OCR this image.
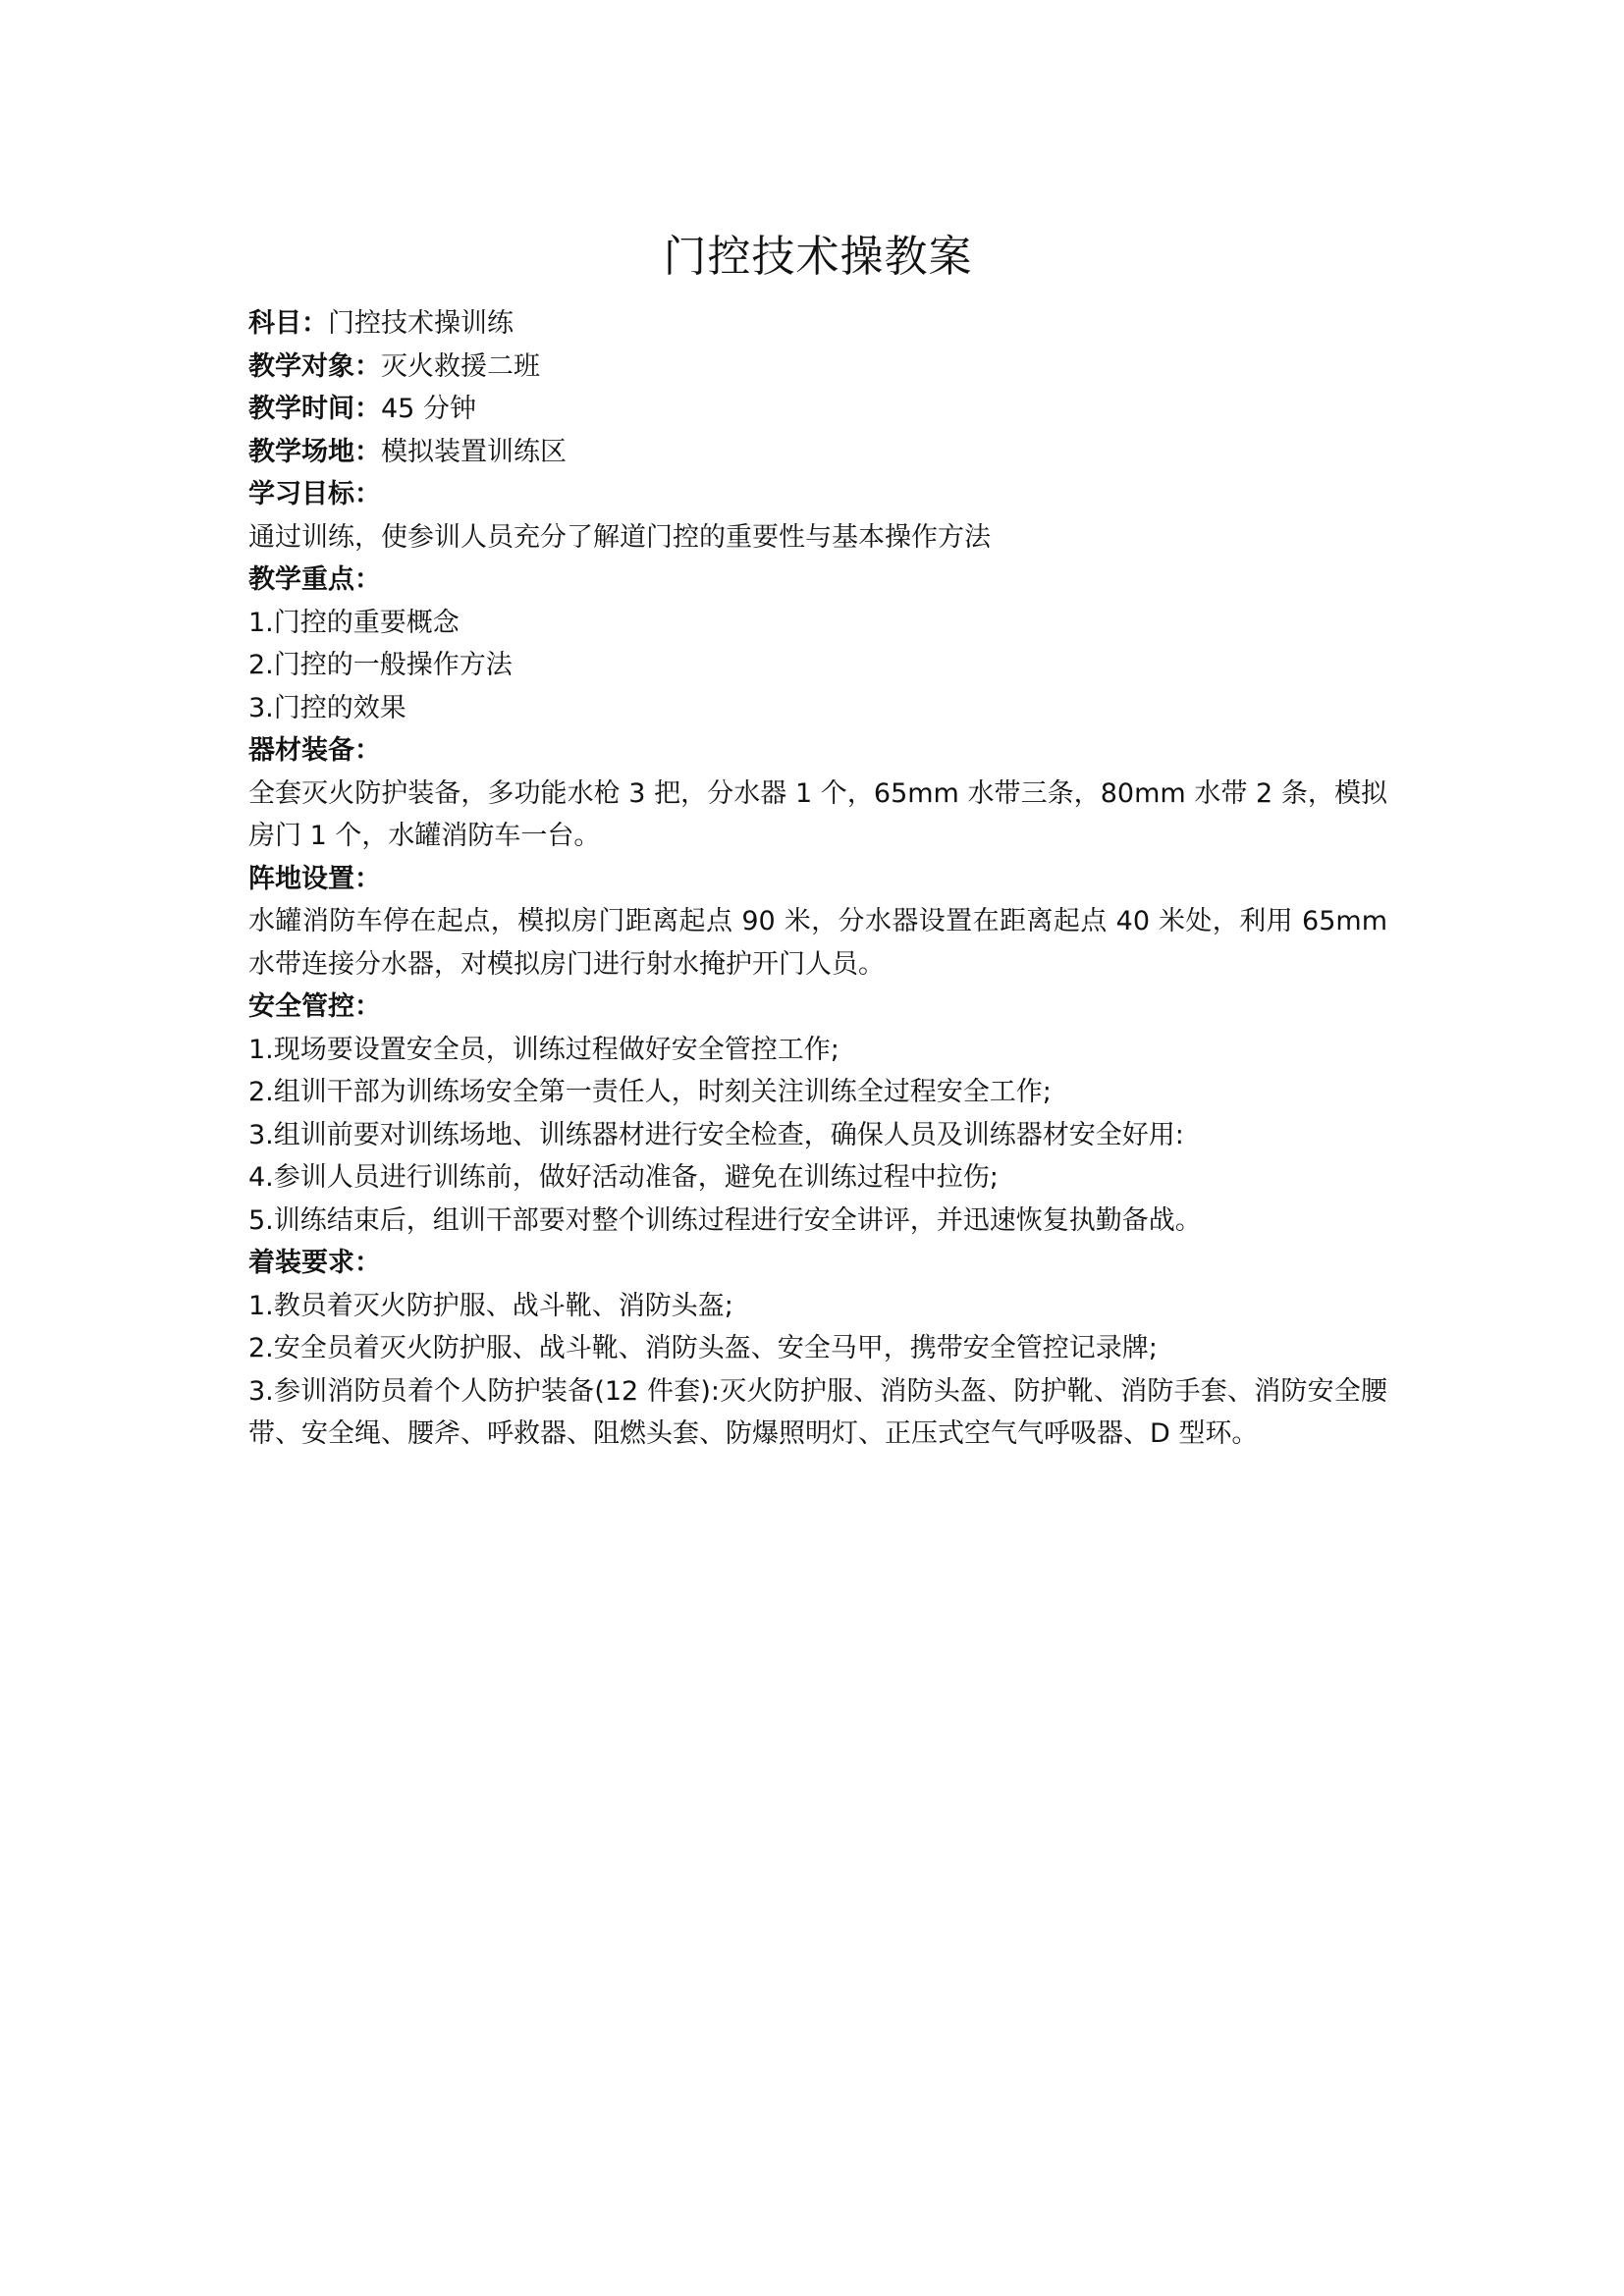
门控技术操教案

科目：门控技术操训练

教学对象：灭火救援二班

教学时间：45 分钟

教学场地：模拟装置训练区

学习目标：

通过训练，使参训人员充分了解道门控的重要性与基本操作方法

教学重点：

1.门控的重要概念

2.门控的一般操作方法

3.门控的效果

器材装备：

全套灭火防护装备，多功能水枪 3 把，分水器 1 个，65mm 水带三条，80mm 水带 2 条，模拟房门 1 个，水罐消防车一台。

阵地设置：

水罐消防车停在起点，模拟房门距离起点 90 米，分水器设置在距离起点 40 米处，利用 65mm 水带连接分水器，对模拟房门进行射水掩护开门人员。

安全管控：

1.现场要设置安全员，训练过程做好安全管控工作;

2.组训干部为训练场安全第一责任人，时刻关注训练全过程安全工作;

3.组训前要对训练场地、训练器材进行安全检查，确保人员及训练器材安全好用:

4.参训人员进行训练前，做好活动准备，避免在训练过程中拉伤;

5.训练结束后，组训干部要对整个训练过程进行安全讲评，并迅速恢复执勤备战。

着装要求：

1.教员着灭火防护服、战斗靴、消防头盔;

2.安全员着灭火防护服、战斗靴、消防头盔、安全马甲，携带安全管控记录牌;

3.参训消防员着个人防护装备(12 件套):灭火防护服、消防头盔、防护靴、消防手套、消防安全腰带、安全绳、腰斧、呼救器、阻燃头套、防爆照明灯、正压式空气气呼吸器、D 型环。
